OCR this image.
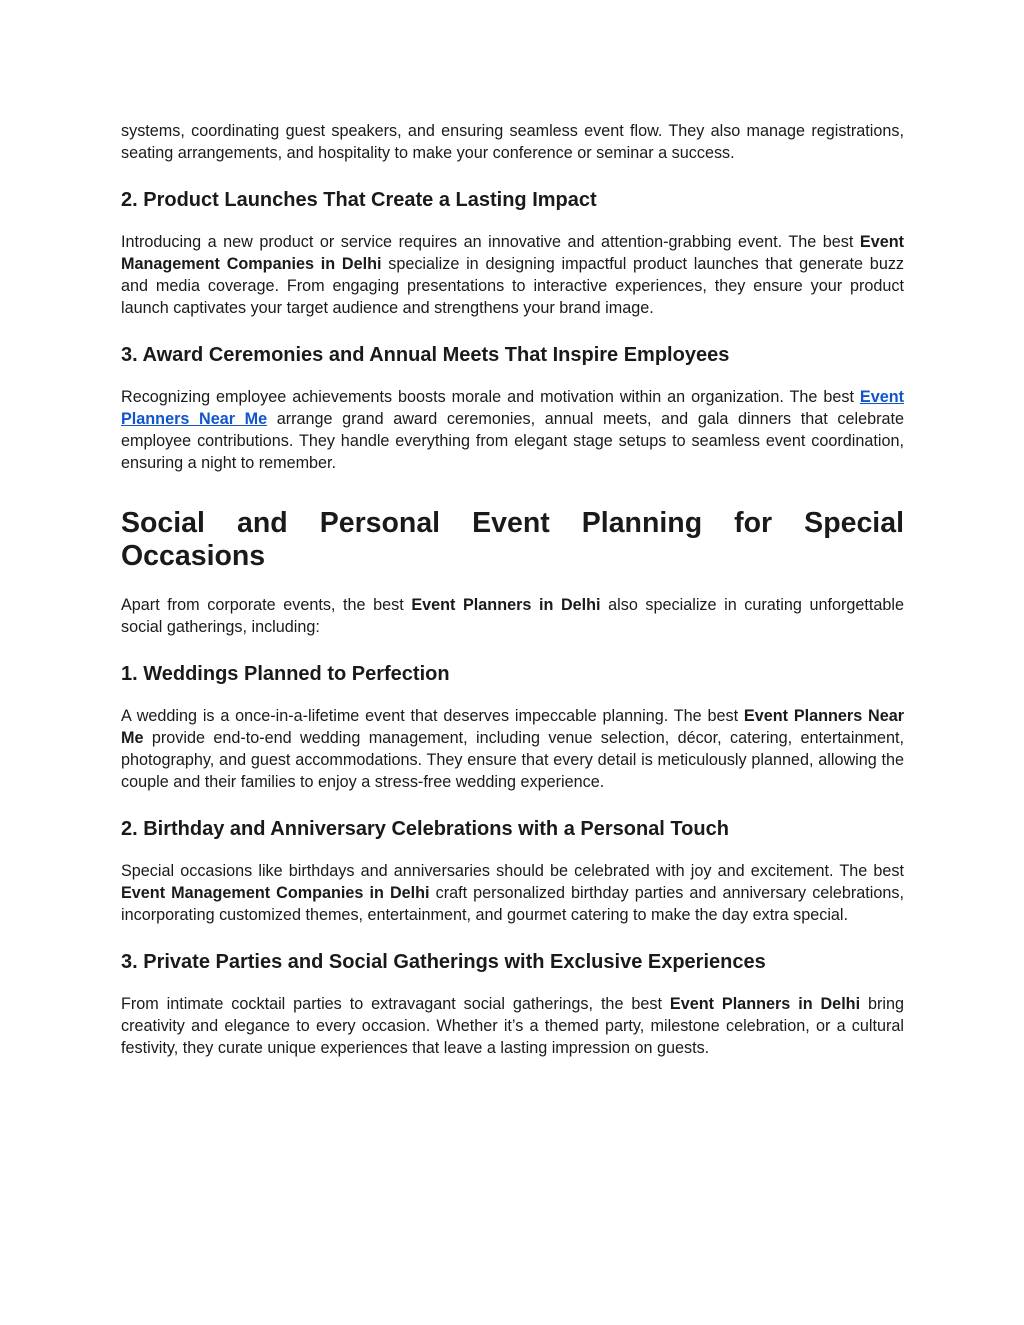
systems, coordinating guest speakers, and ensuring seamless event flow. They also manage registrations, seating arrangements, and hospitality to make your conference or seminar a success.

2. Product Launches That Create a Lasting Impact

Introducing a new product or service requires an innovative and attention-grabbing event. The best Event Management Companies in Delhi specialize in designing impactful product launches that generate buzz and media coverage. From engaging presentations to interactive experiences, they ensure your product launch captivates your target audience and strengthens your brand image.

3. Award Ceremonies and Annual Meets That Inspire Employees

Recognizing employee achievements boosts morale and motivation within an organization. The best Event Planners Near Me arrange grand award ceremonies, annual meets, and gala dinners that celebrate employee contributions. They handle everything from elegant stage setups to seamless event coordination, ensuring a night to remember.

Social and Personal Event Planning for Special Occasions

Apart from corporate events, the best Event Planners in Delhi also specialize in curating unforgettable social gatherings, including:

1. Weddings Planned to Perfection

A wedding is a once-in-a-lifetime event that deserves impeccable planning. The best Event Planners Near Me provide end-to-end wedding management, including venue selection, décor, catering, entertainment, photography, and guest accommodations. They ensure that every detail is meticulously planned, allowing the couple and their families to enjoy a stress-free wedding experience.

2. Birthday and Anniversary Celebrations with a Personal Touch

Special occasions like birthdays and anniversaries should be celebrated with joy and excitement. The best Event Management Companies in Delhi craft personalized birthday parties and anniversary celebrations, incorporating customized themes, entertainment, and gourmet catering to make the day extra special.

3. Private Parties and Social Gatherings with Exclusive Experiences

From intimate cocktail parties to extravagant social gatherings, the best Event Planners in Delhi bring creativity and elegance to every occasion. Whether it’s a themed party, milestone celebration, or a cultural festivity, they curate unique experiences that leave a lasting impression on guests.
